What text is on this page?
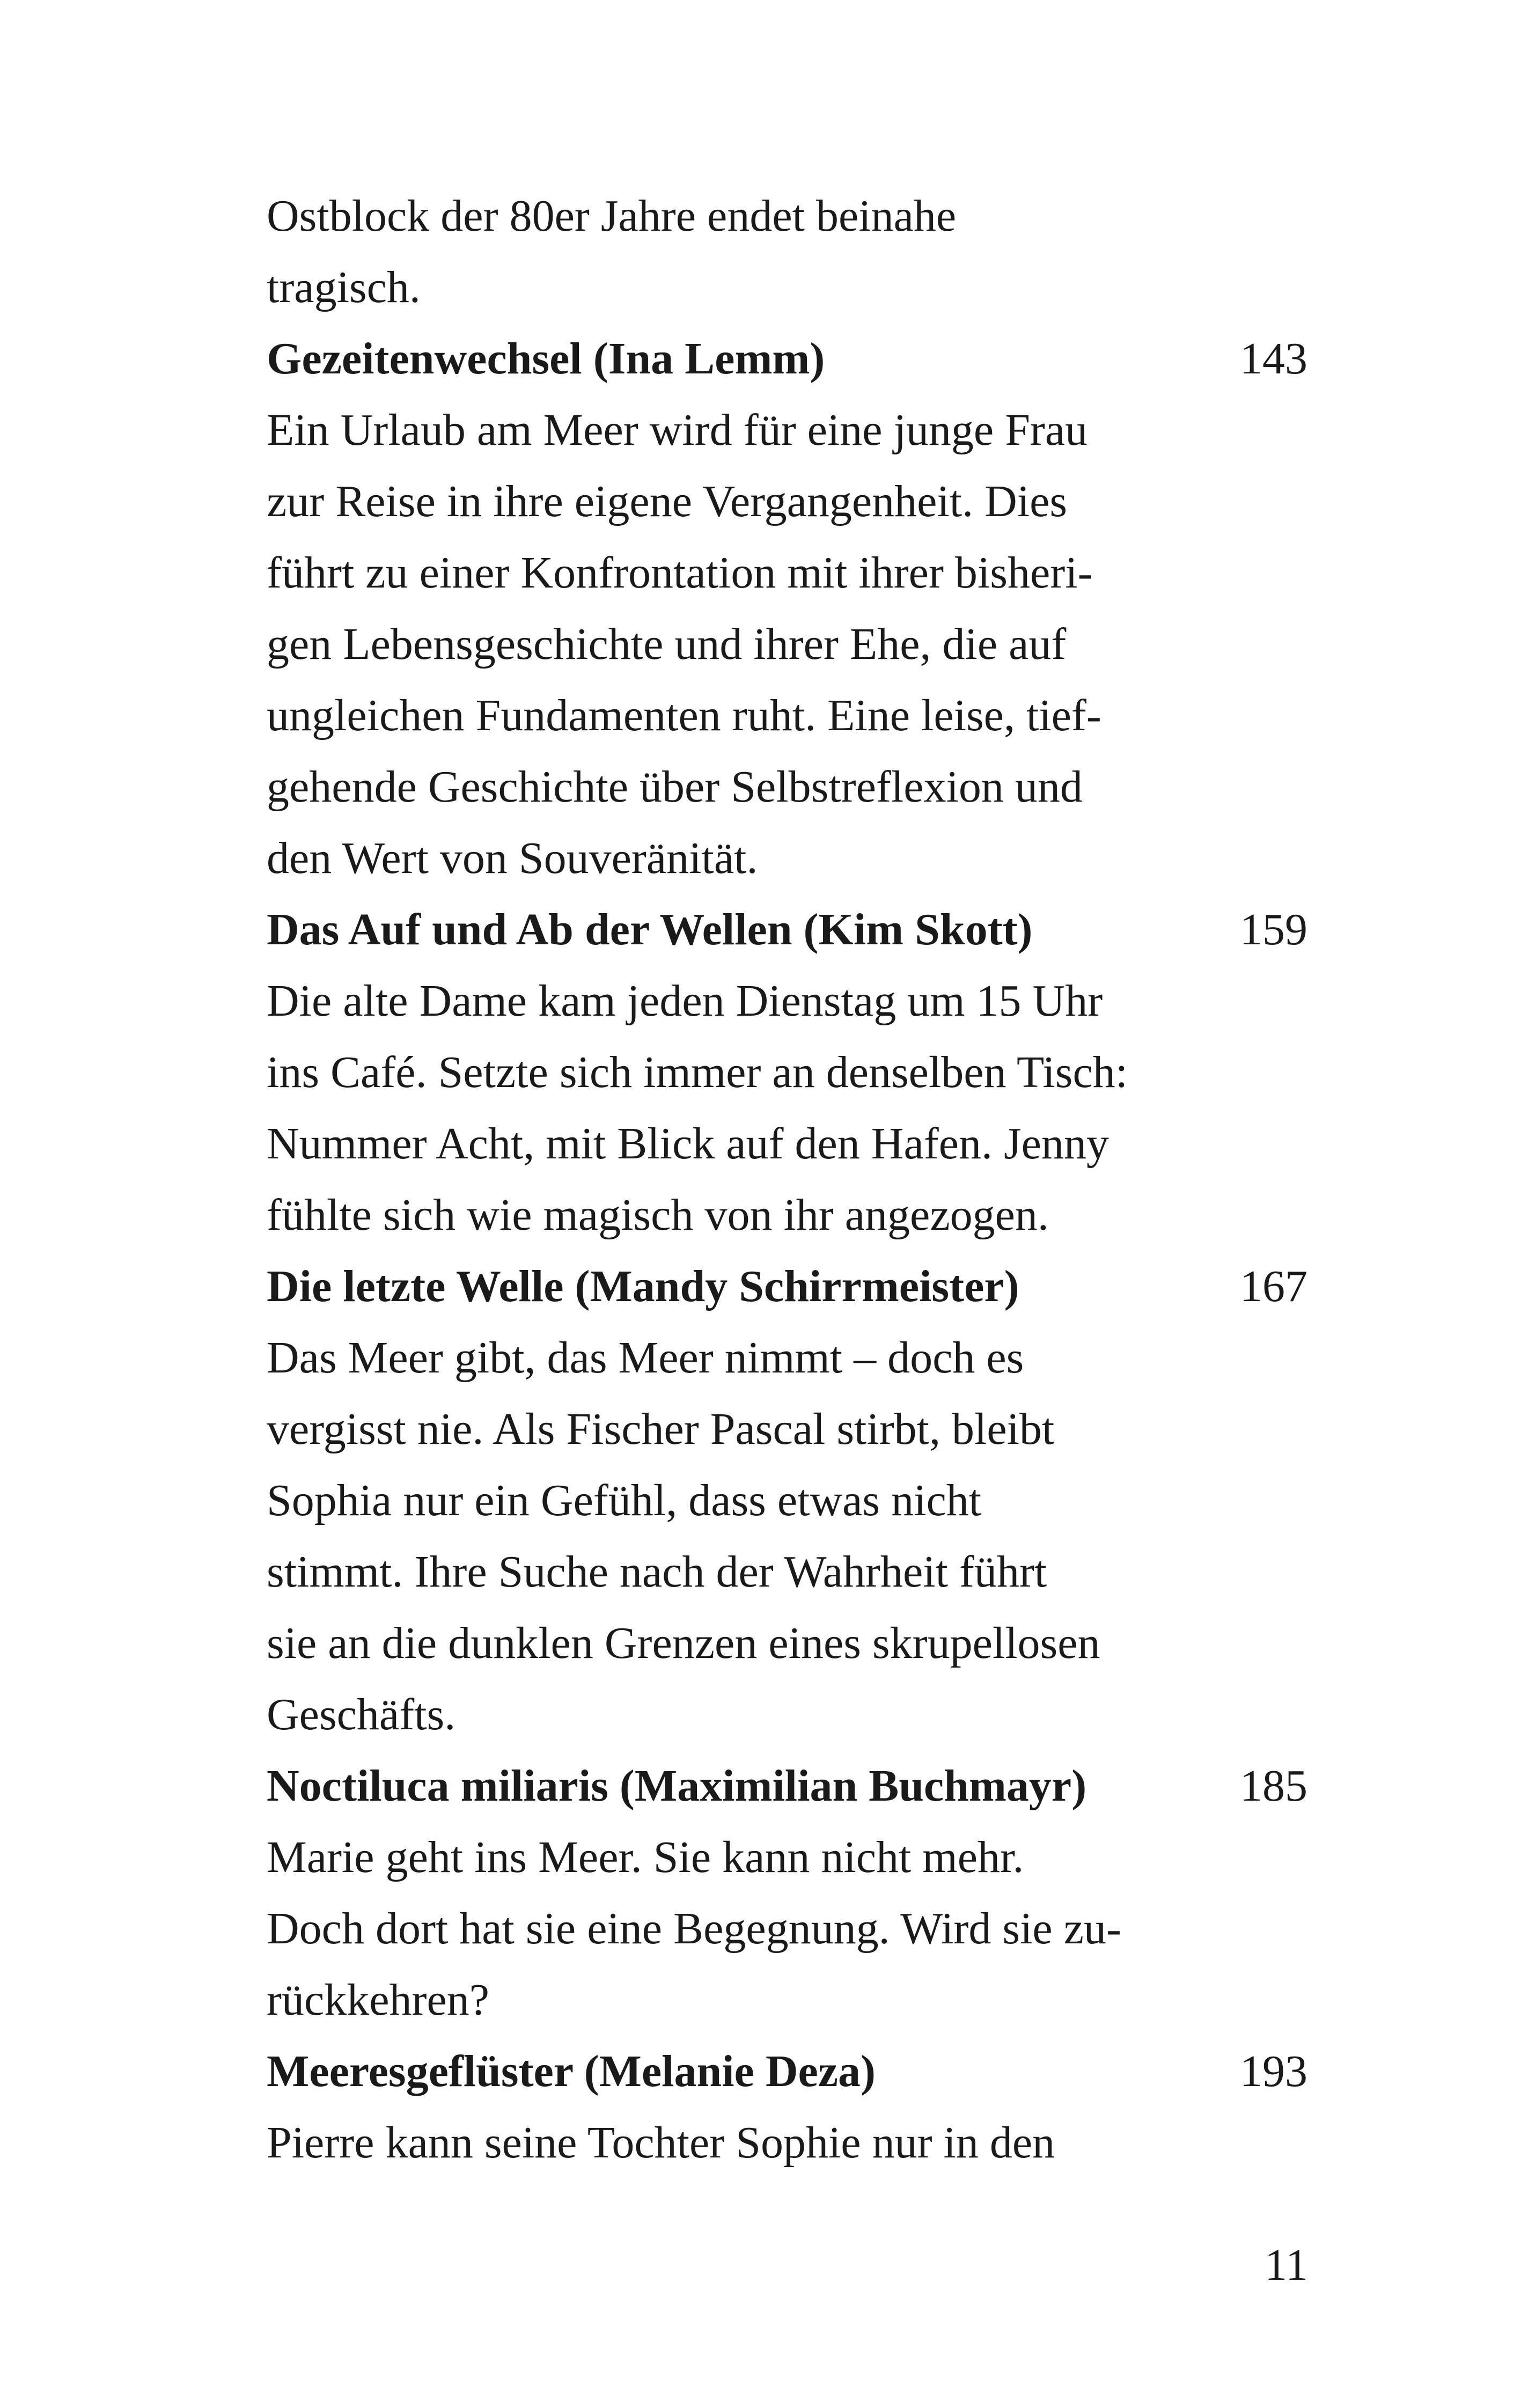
Ostblock der 80er Jahre endet beinahe
tragisch.
Gezeitenwechsel (Ina Lemm)	143
Ein Urlaub am Meer wird für eine junge Frau
zur Reise in ihre eigene Vergangenheit. Dies
führt zu einer Konfrontation mit ihrer bisheri-
gen Lebensgeschichte und ihrer Ehe, die auf
ungleichen Fundamenten ruht. Eine leise, tief-
gehende Geschichte über Selbstreflexion und
den Wert von Souveränität.
Das Auf und Ab der Wellen (Kim Skott)	159
Die alte Dame kam jeden Dienstag um 15 Uhr
ins Café. Setzte sich immer an denselben Tisch:
Nummer Acht, mit Blick auf den Hafen. Jenny
fühlte sich wie magisch von ihr angezogen.
Die letzte Welle (Mandy Schirrmeister)	167
Das Meer gibt, das Meer nimmt – doch es
vergisst nie. Als Fischer Pascal stirbt, bleibt
Sophia nur ein Gefühl, dass etwas nicht
stimmt. Ihre Suche nach der Wahrheit führt
sie an die dunklen Grenzen eines skrupellosen
Geschäfts.
Noctiluca miliaris (Maximilian Buchmayr)	185
Marie geht ins Meer. Sie kann nicht mehr.
Doch dort hat sie eine Begegnung. Wird sie zu-
rückkehren?
Meeresgeflüster (Melanie Deza)	193
Pierre kann seine Tochter Sophie nur in den
11
